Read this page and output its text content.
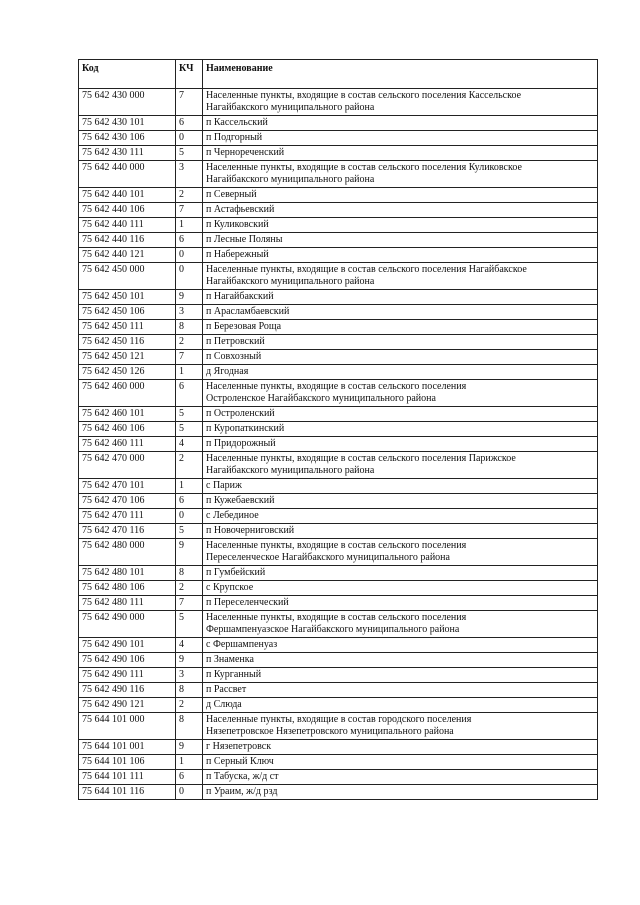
Код	КЧ	Наименование
75 642 430 000	7	Населенные пункты, входящие в состав сельского поселения Кассельское
Нагайбакского муниципального района

75 642 430 101	6	п Кассельский

75 642 430 106	0	п Подгорный

75 642 430 111	5	п Чернореченский

75 642 440 000	3	Населенные пункты, входящие в состав сельского поселения Куликовское
Нагайбакского муниципального района

75 642 440 101	2	п Северный

75 642 440 106	7	п Астафьевский

75 642 440 111	1	п Куликовский

75 642 440 116	6	п Лесные Поляны

75 642 440 121	0	п Набережный

75 642 450 000	0	Населенные пункты, входящие в состав сельского поселения Нагайбакское
Нагайбакского муниципального района

75 642 450 101	9	п Нагайбакский

75 642 450 106	3	п Арасламбаевский

75 642 450 111	8	п Березовая Роща

75 642 450 116	2	п Петровский

75 642 450 121	7	п Совхозный

75 642 450 126	1	д Ягодная

75 642 460 000	6	Населенные пункты, входящие в состав сельского поселения
Остроленское Нагайбакского муниципального района

75 642 460 101	5	п Остроленский

75 642 460 106	5	п Куропаткинский

75 642 460 111	4	п Придорожный

75 642 470 000	2	Населенные пункты, входящие в состав сельского поселения Парижское
Нагайбакского муниципального района

75 642 470 101	1	с Париж

75 642 470 106	6	п Кужебаевский

75 642 470 111	0	с Лебединое

75 642 470 116	5	п Новочерниговский

75 642 480 000	9	Населенные пункты, входящие в состав сельского поселения
Переселенческое Нагайбакского муниципального района

75 642 480 101	8	п Гумбейский

75 642 480 106	2	с Крупское

75 642 480 111	7	п Переселенческий

75 642 490 000	5	Населенные пункты, входящие в состав сельского поселения
Фершампенуазское Нагайбакского муниципального района

75 642 490 101	4	с Фершампенуаз

75 642 490 106	9	п Знаменка

75 642 490 111	3	п Курганный

75 642 490 116	8	п Рассвет

75 642 490 121	2	д Слюда

75 644 101 000	8	Населенные пункты, входящие в состав городского поселения
Нязепетровское Нязепетровского муниципального района

75 644 101 001	9	г Нязепетровск

75 644 101 106	1	п Серный Ключ

75 644 101 111	6	п Табуска, ж/д ст

75 644 101 116	0	п Ураим, ж/д рзд
